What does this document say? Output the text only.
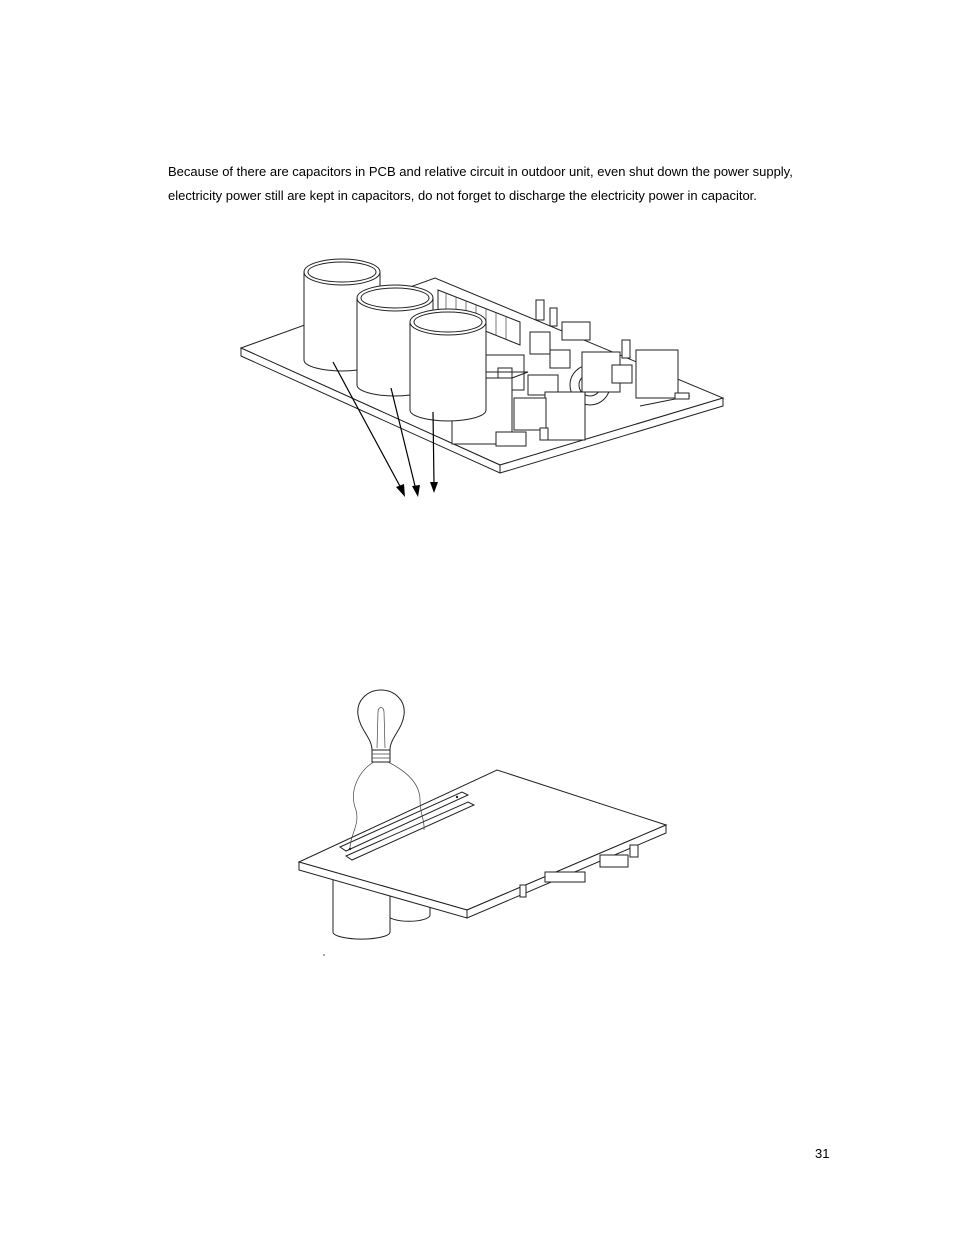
Because of there are capacitors in PCB and relative circuit in outdoor unit, even shut down the power supply,
electricity power still are kept in capacitors, do not forget to discharge the electricity power in capacitor.

31
